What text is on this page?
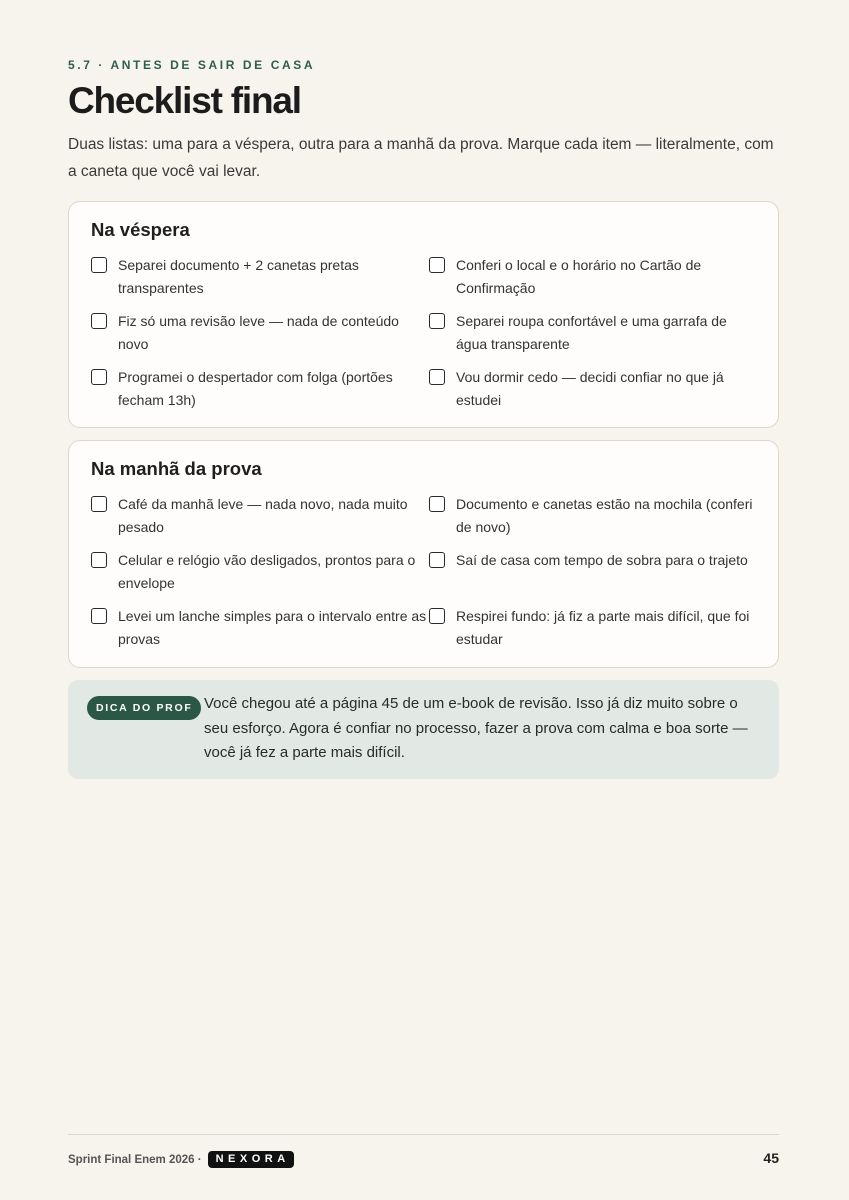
5.7 · ANTES DE SAIR DE CASA
Checklist final

Duas listas: uma para a véspera, outra para a manhã da prova. Marque cada item — literalmente, com a caneta que você vai levar.

Na véspera
Separei documento + 2 canetas pretas transparentes
Conferi o local e o horário no Cartão de Confirmação
Fiz só uma revisão leve — nada de conteúdo novo
Separei roupa confortável e uma garrafa de água transparente
Programei o despertador com folga (portões fecham 13h)
Vou dormir cedo — decidi confiar no que já estudei
Na manhã da prova
Café da manhã leve — nada novo, nada muito pesado
Documento e canetas estão na mochila (conferi de novo)
Celular e relógio vão desligados, prontos para o envelope
Saí de casa com tempo de sobra para o trajeto
Levei um lanche simples para o intervalo entre as provas
Respirei fundo: já fiz a parte mais difícil, que foi estudar
DICA DO PROF Você chegou até a página 45 de um e-book de revisão. Isso já diz muito sobre o seu esforço. Agora é confiar no processo, fazer a prova com calma e boa sorte — você já fez a parte mais difícil.

Sprint Final Enem 2026 ·	NEXORA	45
